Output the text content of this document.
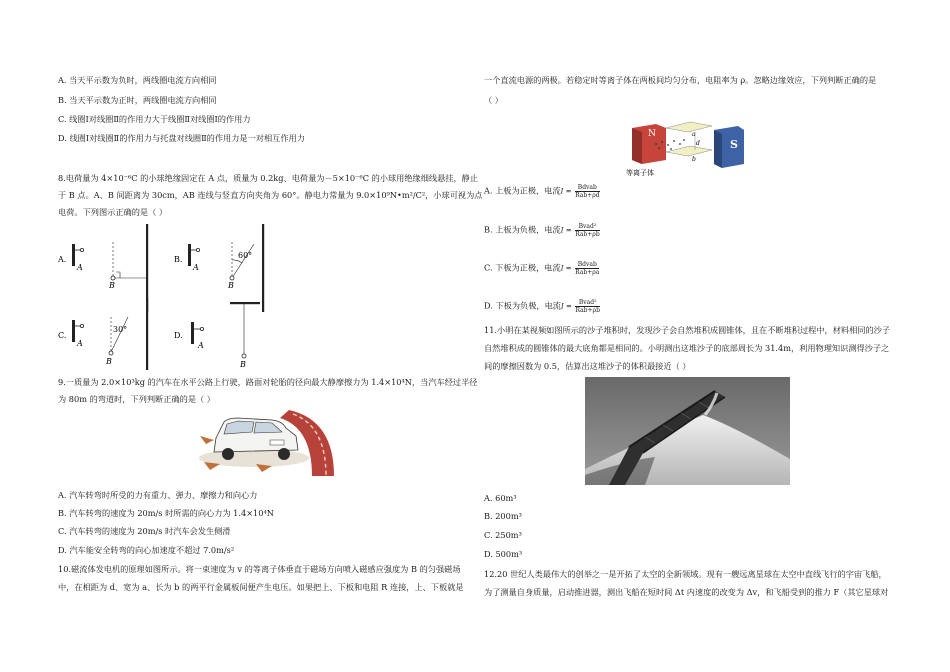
A. 当天平示数为负时，两线圈电流方向相同
B. 当天平示数为正时，两线圈电流方向相同
C. 线圈Ⅰ对线圈Ⅱ的作用力大于线圈Ⅱ对线圈Ⅰ的作用力
D. 线圈Ⅰ对线圈Ⅱ的作用力与托盘对线圈Ⅱ的作用力是一对相互作用力
8.电荷量为 4×10⁻⁶C 的小球绝缘固定在 A 点，质量为 0.2kg、电荷量为－5×10⁻⁶C 的小球用绝缘细线悬挂，静止
于 B 点。A、B 间距离为 30cm，AB 连线与竖直方向夹角为 60°。静电力常量为 9.0×10⁹N•m²/C²，小球可视为点
电荷。下列图示正确的是（ ）
A.
A
B
B.
A
60°
B
C.
A
30°
B
D.
A
B
9.一质量为 2.0×10³kg 的汽车在水平公路上行驶，路面对轮胎的径向最大静摩擦力为 1.4×10⁴N，当汽车经过半径
为 80m 的弯道时，下列判断正确的是（ ）
A. 汽车转弯时所受的力有重力、弹力、摩擦力和向心力
B. 汽车转弯的速度为 20m/s 时所需的向心力为 1.4×10⁴N
C. 汽车转弯的速度为 20m/s 时汽车会发生侧滑
D. 汽车能安全转弯的向心加速度不超过 7.0m/s²
10.磁流体发电机的原理如图所示。将一束速度为 v 的等离子体垂直于磁场方向喷入磁感应强度为 B 的匀强磁场
中，在相距为 d、宽为 a、长为 b 的两平行金属板间便产生电压。如果把上、下板和电阻 R 连接，上、下板就是
一个直流电源的两极。若稳定时等离子体在两板间均匀分布，电阻率为 ρ。忽略边缘效应，下列判断正确的是
（ ）
N	a
b
d	S
等离子体
A. 上板为正极，电流$I = \frac{\text{Bdvab}}{\text{Rab+ρd}}$
B. 上板为负极，电流$I = \frac{\text{Bvad²}}{\text{Rab+ρb}}$
C. 下板为正极，电流$I = \frac{\text{Bdvab}}{\text{Rab+ρa}}$
D. 下板为负极，电流$I = \frac{\text{Bvad²}}{\text{Rab+ρb}}$
11.小明在某视频如图所示的沙子堆积时，发现沙子会自然堆积成圆锥体，且在不断堆积过程中，材料相同的沙子
自然堆积成的圆锥体的最大底角都是相同的。小明测出这堆沙子的底部周长为 31.4m，利用物理知识测得沙子之
间的摩擦因数为 0.5，估算出这堆沙子的体积最接近（ ）
A. 60m³
B. 200m³
C. 250m³
D. 500m³
12.20 世纪人类最伟大的创举之一是开拓了太空的全新领域。现有一艘远离星球在太空中直线飞行的宇宙飞船，
为了测量自身质量，启动推进器，测出飞船在短时间 Δt 内速度的改变为 Δv，和飞船受到的推力 F（其它星球对
